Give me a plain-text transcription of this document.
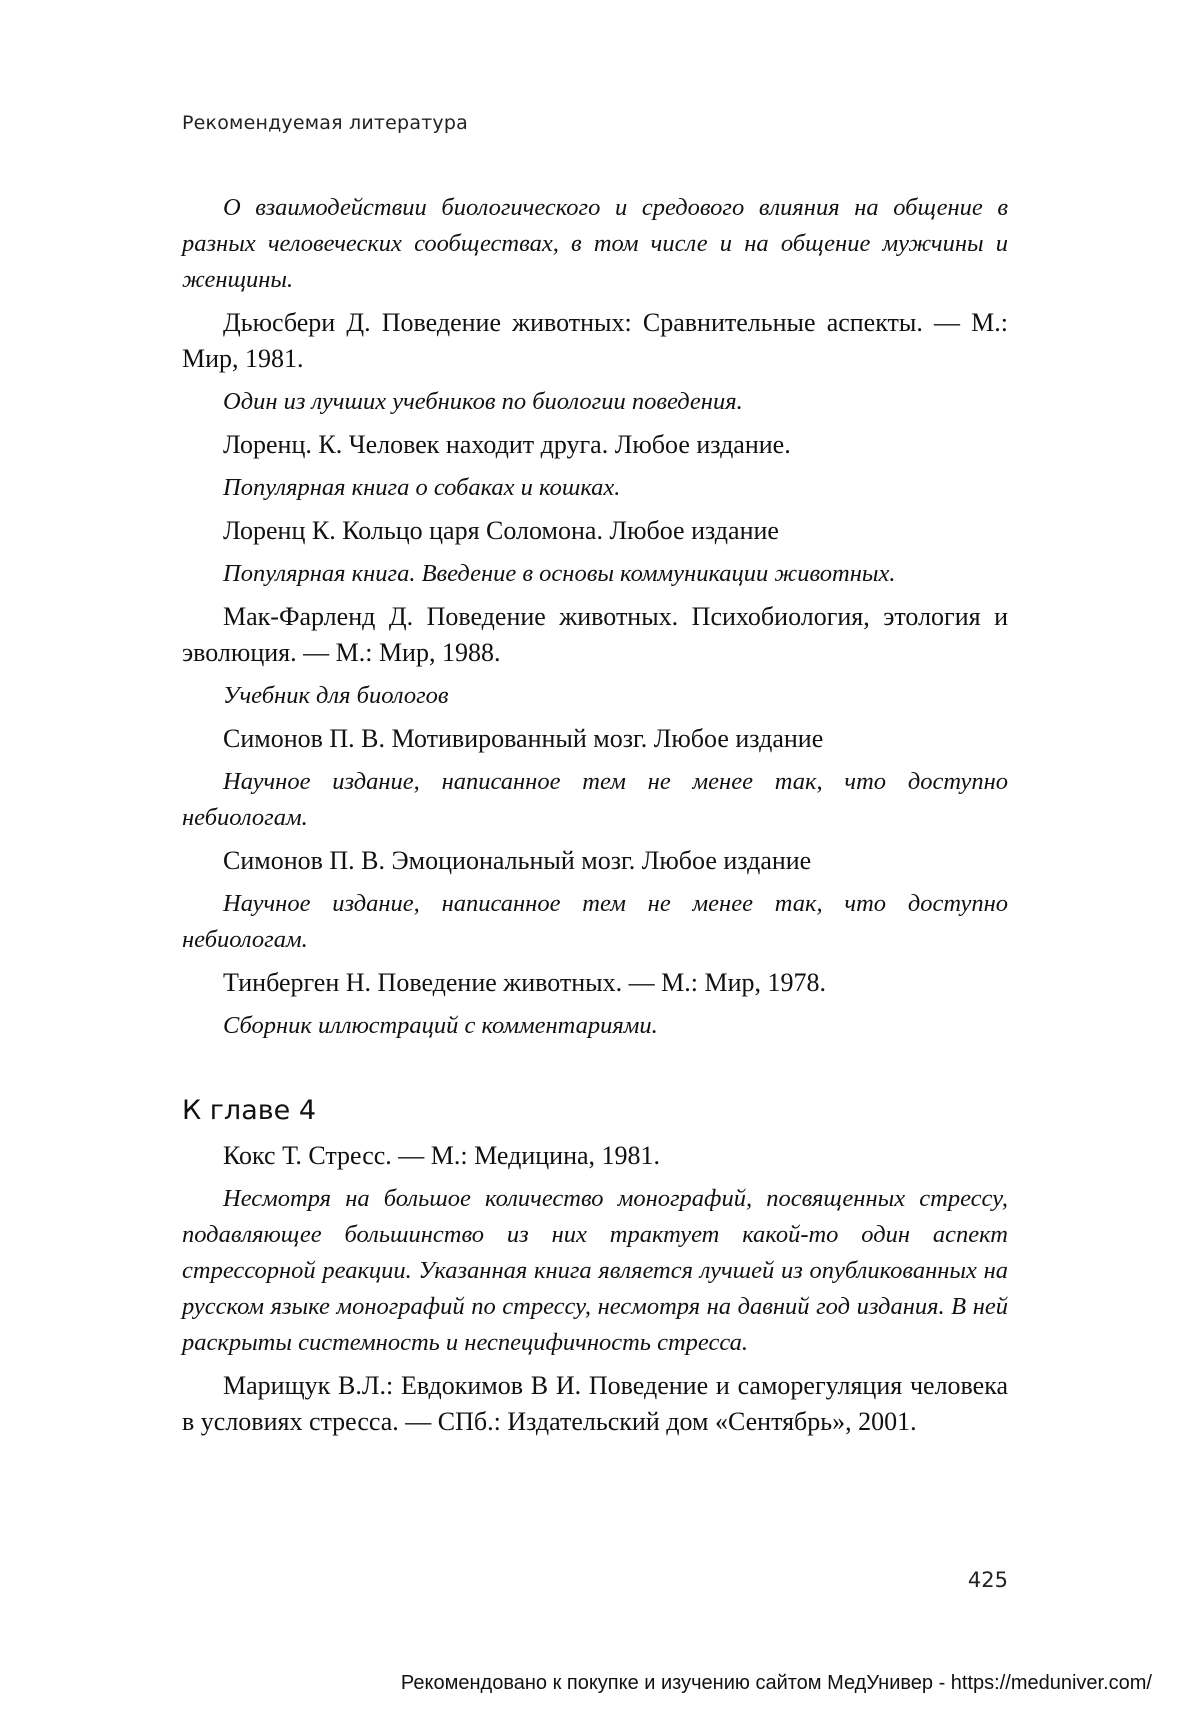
Рекомендуемая литература

О взаимодействии биологического и средового влияния на общение в разных человеческих сообществах, в том числе и на общение мужчины и женщины.

Дьюсбери Д. Поведение животных: Сравнительные аспекты. — М.: Мир, 1981.

Один из лучших учебников по биологии поведения.

Лоренц. К. Человек находит друга. Любое издание.

Популярная книга о собаках и кошках.

Лоренц К. Кольцо царя Соломона. Любое издание

Популярная книга. Введение в основы коммуникации животных.

Мак-Фарленд Д. Поведение животных. Психобиология, этология и эволюция. — М.: Мир, 1988.

Учебник для биологов

Симонов П. В. Мотивированный мозг. Любое издание

Научное издание, написанное тем не менее так, что доступно небиологам.

Симонов П. В. Эмоциональный мозг. Любое издание

Научное издание, написанное тем не менее так, что доступно небиологам.

Тинберген Н. Поведение животных. — М.: Мир, 1978.

Сборник иллюстраций с комментариями.

К главе 4

Кокс Т. Стресс. — М.: Медицина, 1981.

Несмотря на большое количество монографий, посвященных стрессу, подавляющее большинство из них трактует какой-то один аспект стрессорной реакции. Указанная книга является лучшей из опубликованных на русском языке монографий по стрессу, несмотря на давний год издания. В ней раскрыты системность и неспецифичность стресса.

Марищук В.Л.: Евдокимов В И. Поведение и саморегуляция человека в условиях стресса. — СПб.: Издательский дом «Сентябрь», 2001.

425
Рекомендовано к покупке и изучению сайтом МедУнивер - https://meduniver.com/
